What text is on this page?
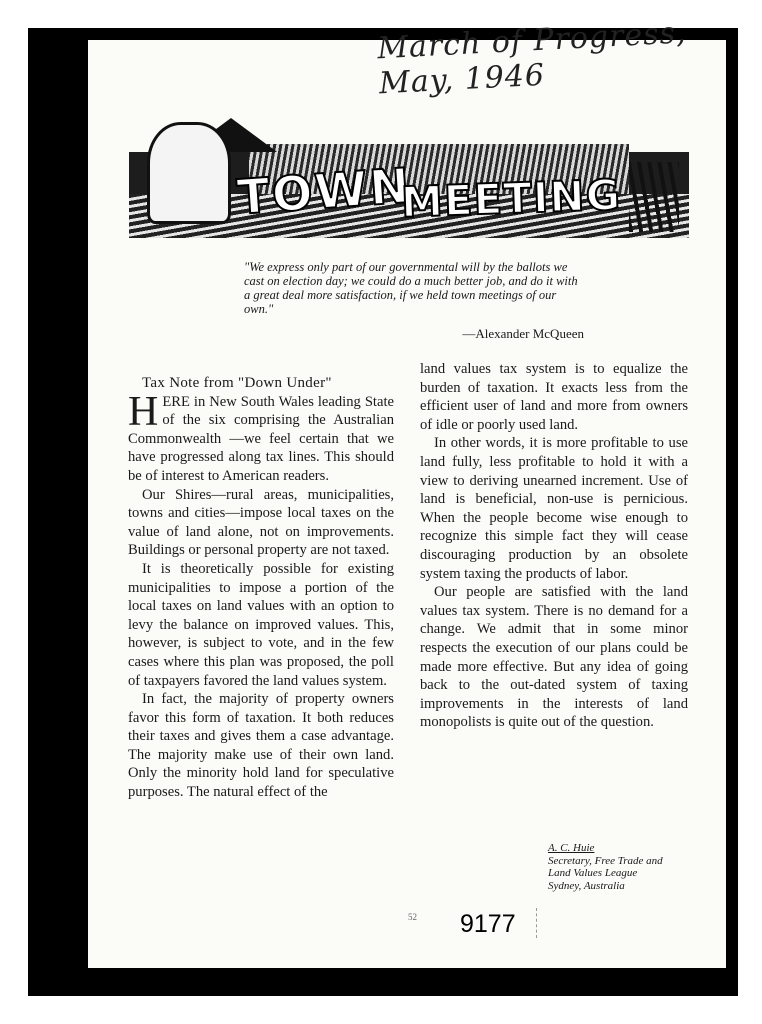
March of Progress, May, 1946
TOWN
MEETING
"We express only part of our governmental will by the ballots we cast on election day; we could do a much better job, and do it with a great deal more satisfaction, if we held town meetings of our own."
—Alexander McQueen

Tax Note from "Down Under"

HERE in New South Wales leading State of the six comprising the Australian Commonwealth —we feel certain that we have progressed along tax lines. This should be of interest to American readers.

Our Shires—rural areas, municipalities, towns and cities—impose local taxes on the value of land alone, not on improvements. Buildings or personal property are not taxed.

It is theoretically possible for existing municipalities to impose a portion of the local taxes on land values with an option to levy the balance on improved values. This, however, is subject to vote, and in the few cases where this plan was proposed, the poll of taxpayers favored the land values system.

In fact, the majority of property owners favor this form of taxation. It both reduces their taxes and gives them a case advantage. The majority make use of their own land. Only the minority hold land for speculative purposes. The natural effect of the

land values tax system is to equalize the burden of taxation. It exacts less from the efficient user of land and more from owners of idle or poorly used land.

In other words, it is more profitable to use land fully, less profitable to hold it with a view to deriving unearned increment. Use of land is beneficial, non-use is pernicious. When the people become wise enough to recognize this simple fact they will cease discouraging production by an obsolete system taxing the products of labor.

Our people are satisfied with the land values tax system. There is no demand for a change. We admit that in some minor respects the execution of our plans could be made more effective. But any idea of going back to the out-dated system of taxing improvements in the interests of land monopolists is quite out of the question.

A. C. Huie
Secretary, Free Trade and
Land Values League
Sydney, Australia
52 9177
